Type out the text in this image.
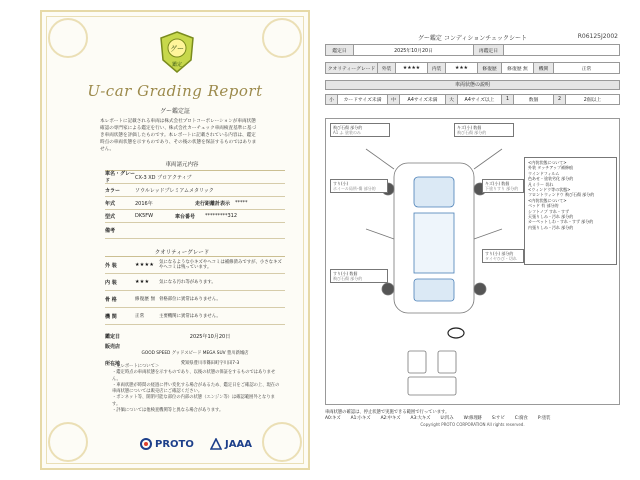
グー
鑑定
U-car Grading Report
グー鑑定証
本レポートに記載される車両は株式会社プロトコーポレーションが車両状態確認の専門家による鑑定を行い、株式会社カーチェック車両検査基準に基づき車両状態を評価したものです。本レポートに記載されている内容は、鑑定時点の車両状態を示すものであり、その後の状態を保証するものではありません。
車両諸元内容
車名・グレード
CX-3 XD プロアクティブ
カラー	ソウルレッドプレミアムメタリック
年式	2016年	走行距離計表示 *****
型式	DK5FW	車台番号	*********312
備考
クオリティーグレード
外 装	★★★★	気になるような小キズやヘコミは補修済みですが、小さなキズやヘコミは残っています。
内 装	★★★	気になる汚れ等があります。
骨 格	修復歴 無 骨格部位に異常はありません。
機 関	正常	主要機関に異常はありません。
鑑定日	2025年10月20日
販売店
GOOD SPEED グッドスピード MEGA SUV 豊川新城店
所在地	愛知県豊川市篠田町字川田7-3
＜免レポートについて＞
・鑑定時点の車両状態を示すものであり、以後の状態の保証をするものではありません。
・車両状態が時間の経過に伴い変化する場合があるため、鑑定日をご確認の上、現在の車両状態については販売店にご確認ください。
・ボンネット等、開閉可能な部位の内部の状態（エンジン等）は確認範囲外となります。
・評価については他検査機関等と異なる場合があります。
PROTO	JAAA
R06125J2002
グー鑑定 コンディションチェックシート
鑑定日	2025年10月20日	再鑑定日
クオリティーグレード	外装	★★★★	内装	★★★	修復歴	修復歴 無	機関	正常
車両状態の説明
小	カードサイズ未満	中	A4サイズ未満	大	A4サイズ以上	1	数個	2	2個以上
飛び石傷 部分的
A1 ふ 塗装のみ
キズ(小) 数個
飛び石傷 部分的
すり(小)
ホイール局所-傷 部分的
キズ(小) 数個
下塗りすり 部分的
すり(小) 数個
飛び石傷 部分的
すり(小) 部分的
タイヤひび・切れ
<内装状態について>
外装 タッチアップ補修痕
ウインドフィルム
色あせ・塗装劣化 部分的
凡ミラー 切れ
<ウィンドウ等の状態>
フロントウィンドウ 飛び石傷 部分的
<内装状態について>
ベッド 有 部分的
シフトノブ すれ・すず
天張りしみ・汚れ 部分的
カーペットしわ・すれ・すず 部分的
内張りしみ・汚れ 部分的
車両状態の確認は、停止状態で実施できる範囲で行っています。
A0:キズ A1:小キズ A2:中キズ A3:大キズ U:凹み W:修理跡 S:サビ C:腐食 P:塗装
Copyright PROTO CORPORATION All rights reserved.
